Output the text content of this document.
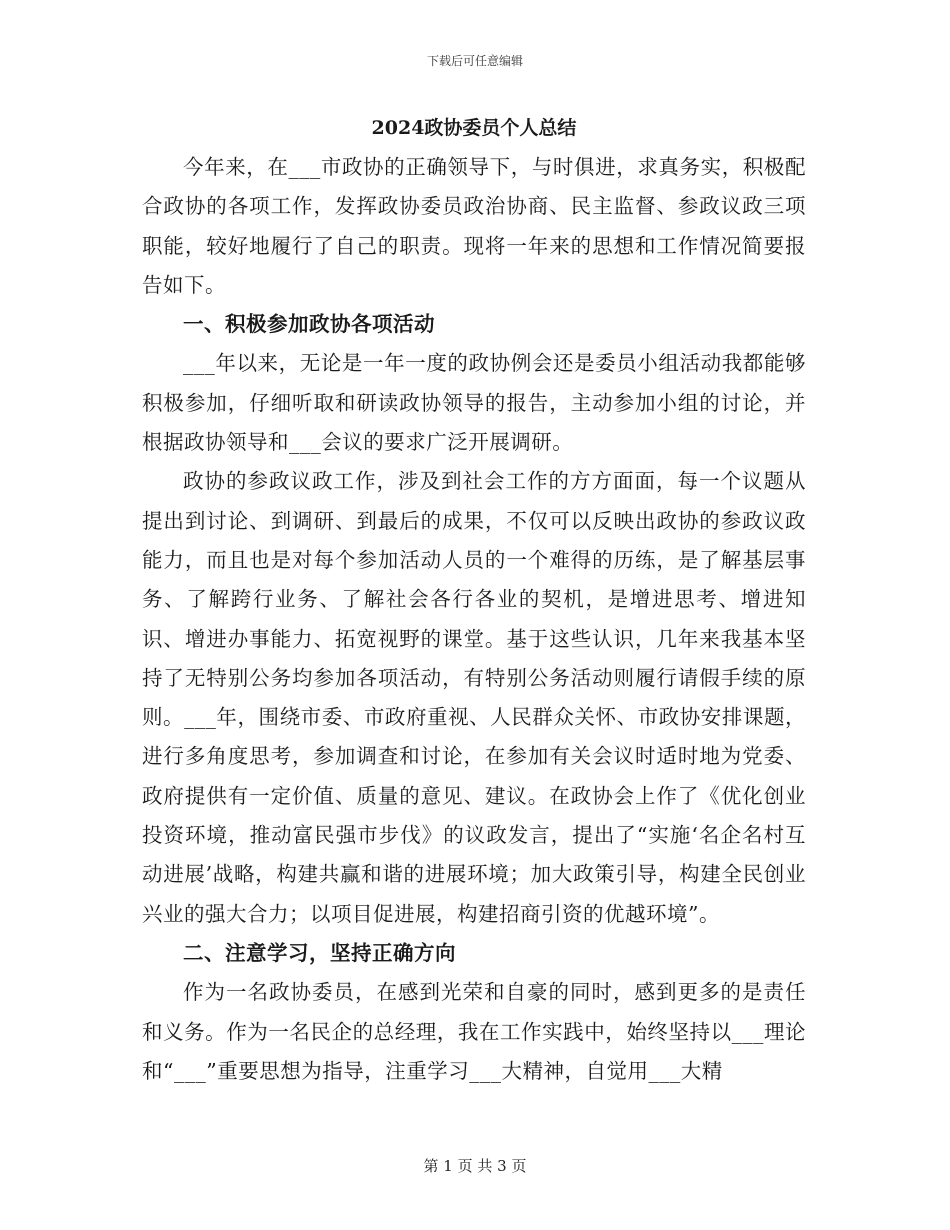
下载后可任意编辑
2024政协委员个人总结

今年来，在___市政协的正确领导下，与时俱进，求真务实，积极配合政协的各项工作，发挥政协委员政治协商、民主监督、参政议政三项职能，较好地履行了自己的职责。现将一年来的思想和工作情况简要报告如下。

一、积极参加政协各项活动

___年以来，无论是一年一度的政协例会还是委员小组活动我都能够积极参加，仔细听取和研读政协领导的报告，主动参加小组的讨论，并根据政协领导和___会议的要求广泛开展调研。

政协的参政议政工作，涉及到社会工作的方方面面，每一个议题从提出到讨论、到调研、到最后的成果，不仅可以反映出政协的参政议政能力，而且也是对每个参加活动人员的一个难得的历练，是了解基层事务、了解跨行业务、了解社会各行各业的契机，是增进思考、增进知识、增进办事能力、拓宽视野的课堂。基于这些认识，几年来我基本坚持了无特别公务均参加各项活动，有特别公务活动则履行请假手续的原则。___年，围绕市委、市政府重视、人民群众关怀、市政协安排课题，进行多角度思考，参加调查和讨论，在参加有关会议时适时地为党委、政府提供有一定价值、质量的意见、建议。在政协会上作了《优化创业投资环境，推动富民强市步伐》的议政发言，提出了“实施‘名企名村互动进展’战略，构建共赢和谐的进展环境；加大政策引导，构建全民创业兴业的强大合力；以项目促进展，构建招商引资的优越环境”。

二、注意学习，坚持正确方向

作为一名政协委员，在感到光荣和自豪的同时，感到更多的是责任和义务。作为一名民企的总经理，我在工作实践中，始终坚持以___理论和“___”重要思想为指导，注重学习___大精神，自觉用___大精

第 1 页 共 3 页
